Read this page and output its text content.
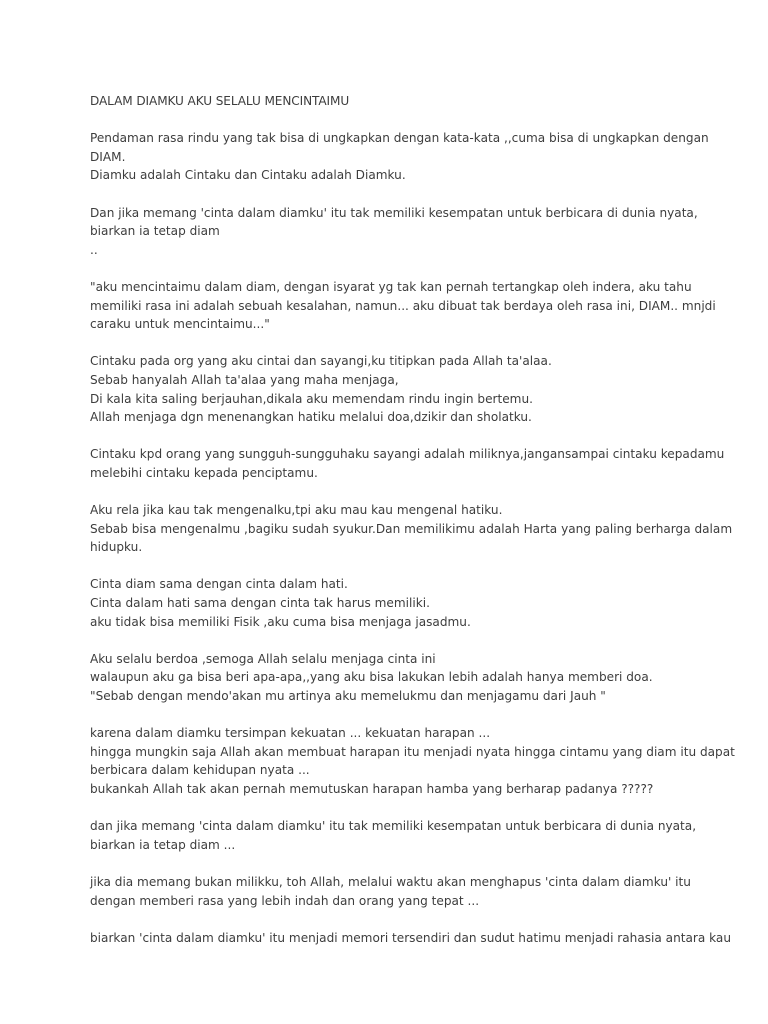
DALAM DIAMKU AKU SELALU MENCINTAIMU
Pendaman rasa rindu yang tak bisa di ungkapkan dengan kata-kata ,,cuma bisa di ungkapkan dengan
DIAM.
Diamku adalah Cintaku dan Cintaku adalah Diamku.
Dan jika memang 'cinta dalam diamku' itu tak memiliki kesempatan untuk berbicara di dunia nyata,
biarkan ia tetap diam
..
"aku mencintaimu dalam diam, dengan isyarat yg tak kan pernah tertangkap oleh indera, aku tahu
memiliki rasa ini adalah sebuah kesalahan, namun... aku dibuat tak berdaya oleh rasa ini, DIAM.. mnjdi
caraku untuk mencintaimu..."
Cintaku pada org yang aku cintai dan sayangi,ku titipkan pada Allah ta'alaa.
Sebab hanyalah Allah ta'alaa yang maha menjaga,
Di kala kita saling berjauhan,dikala aku memendam rindu ingin bertemu.
Allah menjaga dgn menenangkan hatiku melalui doa,dzikir dan sholatku.
Cintaku kpd orang yang sungguh-sungguhaku sayangi adalah miliknya,jangansampai cintaku kepadamu
melebihi cintaku kepada penciptamu.
Aku rela jika kau tak mengenalku,tpi aku mau kau mengenal hatiku.
Sebab bisa mengenalmu ,bagiku sudah syukur.Dan memilikimu adalah Harta yang paling berharga dalam
hidupku.
Cinta diam sama dengan cinta dalam hati.
Cinta dalam hati sama dengan cinta tak harus memiliki.
aku tidak bisa memiliki Fisik ,aku cuma bisa menjaga jasadmu.
Aku selalu berdoa ,semoga Allah selalu menjaga cinta ini
walaupun aku ga bisa beri apa-apa,,yang aku bisa lakukan lebih adalah hanya memberi doa.
"Sebab dengan mendo'akan mu artinya aku memelukmu dan menjagamu dari Jauh "
karena dalam diamku tersimpan kekuatan ... kekuatan harapan ...
hingga mungkin saja Allah akan membuat harapan itu menjadi nyata hingga cintamu yang diam itu dapat
berbicara dalam kehidupan nyata ...
bukankah Allah tak akan pernah memutuskan harapan hamba yang berharap padanya ?????
dan jika memang 'cinta dalam diamku' itu tak memiliki kesempatan untuk berbicara di dunia nyata,
biarkan ia tetap diam ...
jika dia memang bukan milikku, toh Allah, melalui waktu akan menghapus 'cinta dalam diamku' itu
dengan memberi rasa yang lebih indah dan orang yang tepat ...
biarkan 'cinta dalam diamku' itu menjadi memori tersendiri dan sudut hatimu menjadi rahasia antara kau
